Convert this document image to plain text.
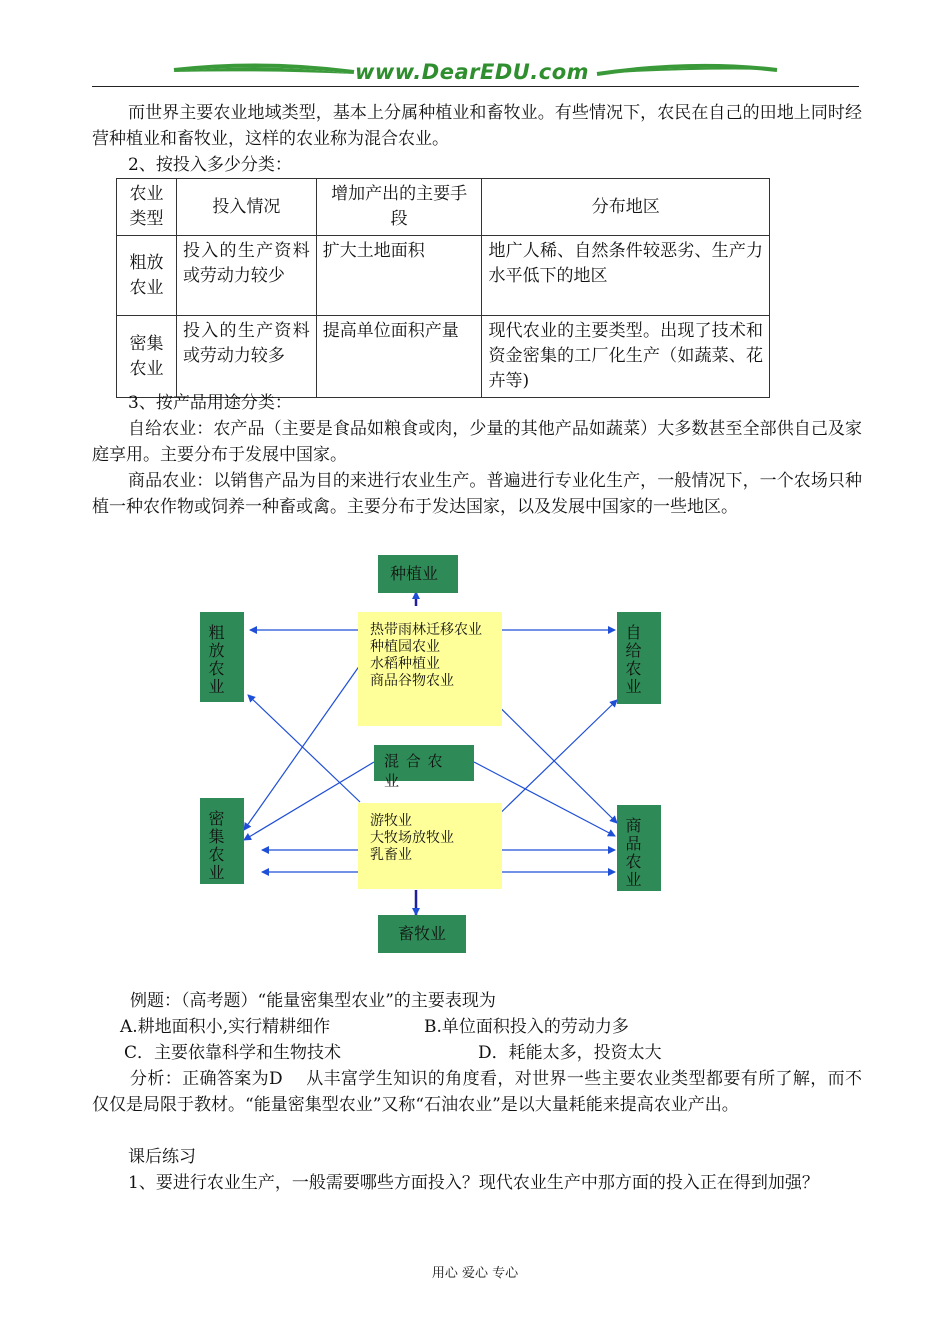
www.DearEDU.com
而世界主要农业地域类型，基本上分属种植业和畜牧业。有些情况下，农民在自己的田地上同时经营种植业和畜牧业，这样的农业称为混合农业。
2、按投入多少分类：
农业类型	投入情况	增加产出的主要手段	分布地区
粗放农业	投入的生产资料或劳动力较少	扩大土地面积	地广人稀、自然条件较恶劣、生产力水平低下的地区
密集农业	投入的生产资料或劳动力较多	提高单位面积产量	现代农业的主要类型。出现了技术和资金密集的工厂化生产（如蔬菜、花卉等)
3、按产品用途分类：
自给农业：农产品（主要是食品如粮食或肉，少量的其他产品如蔬菜）大多数甚至全部供自己及家庭享用。主要分布于发展中国家。
商品农业：以销售产品为目的来进行农业生产。普遍进行专业化生产，一般情况下，一个农场只种植一种农作物或饲养一种畜或禽。主要分布于发达国家，以及发展中国家的一些地区。
种植业
畜牧业
混 合 农 业
粗放农业
密集农业
自给农业
商品农业
热带雨林迁移农业
种植园农业
水稻种植业
商品谷物农业
游牧业
大牧场放牧业
乳畜业
例题：（高考题）“能量密集型农业”的主要表现为
A.耕地面积小,实行精耕细作	B.单位面积投入的劳动力多
C．主要依靠科学和生物技术	D．耗能太多，投资太大
分析：正确答案为D　 从丰富学生知识的角度看，对世界一些主要农业类型都要有所了解，而不仅仅是局限于教材。“能量密集型农业”又称“石油农业”是以大量耗能来提高农业产出。
课后练习
1、要进行农业生产，一般需要哪些方面投入？现代农业生产中那方面的投入正在得到加强？
用心 爱心 专心
